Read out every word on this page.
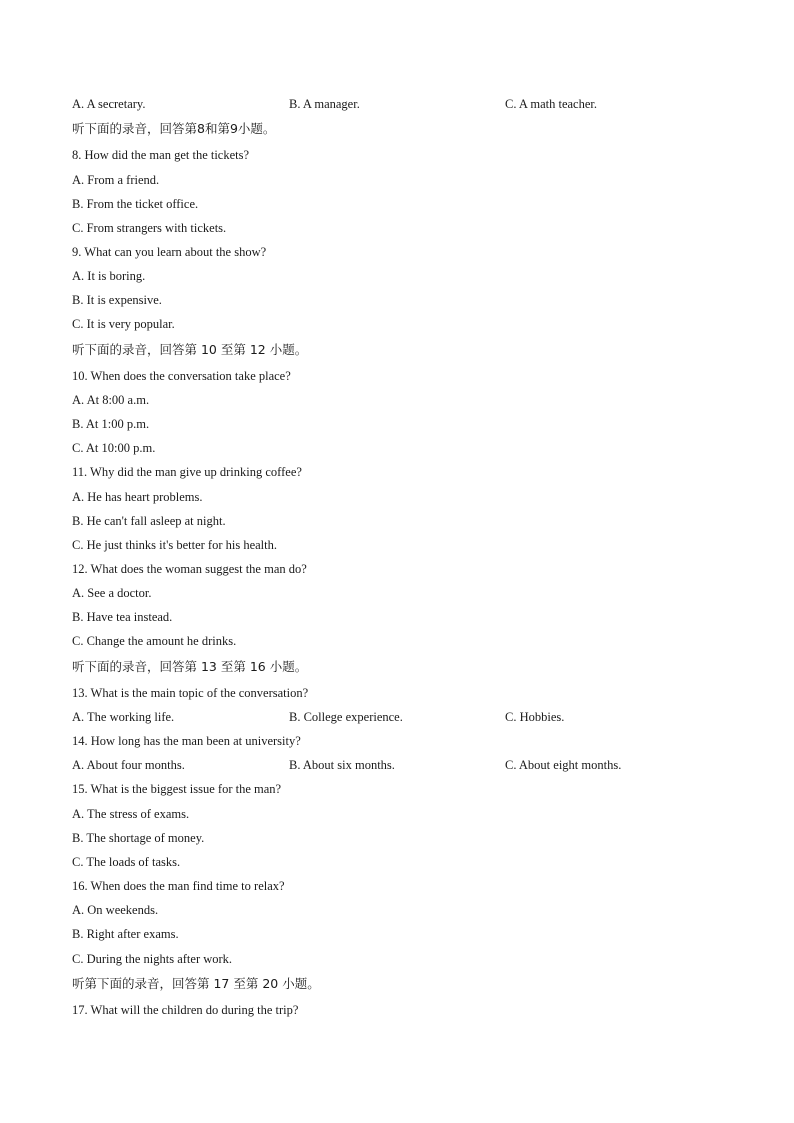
A. A secretary.	B. A manager.	C. A math teacher.
听下面的录音，回答第8和第9小题。
8. How did the man get the tickets?
A. From a friend.
B. From the ticket office.
C. From strangers with tickets.
9. What can you learn about the show?
A. It is boring.
B. It is expensive.
C. It is very popular.
听下面的录音，回答第 10 至第 12 小题。
10. When does the conversation take place?
A. At 8:00 a.m.
B. At 1:00 p.m.
C. At 10:00 p.m.
11. Why did the man give up drinking coffee?
A. He has heart problems.
B. He can't fall asleep at night.
C. He just thinks it's better for his health.
12. What does the woman suggest the man do?
A. See a doctor.
B. Have tea instead.
C. Change the amount he drinks.
听下面的录音，回答第 13 至第 16 小题。
13. What is the main topic of the conversation?
A. The working life.	B. College experience.	C. Hobbies.
14. How long has the man been at university?
A. About four months.	B. About six months.	C. About eight months.
15. What is the biggest issue for the man?
A. The stress of exams.
B. The shortage of money.
C. The loads of tasks.
16. When does the man find time to relax?
A. On weekends.
B. Right after exams.
C. During the nights after work.
听第下面的录音，回答第 17 至第 20 小题。
17. What will the children do during the trip?
